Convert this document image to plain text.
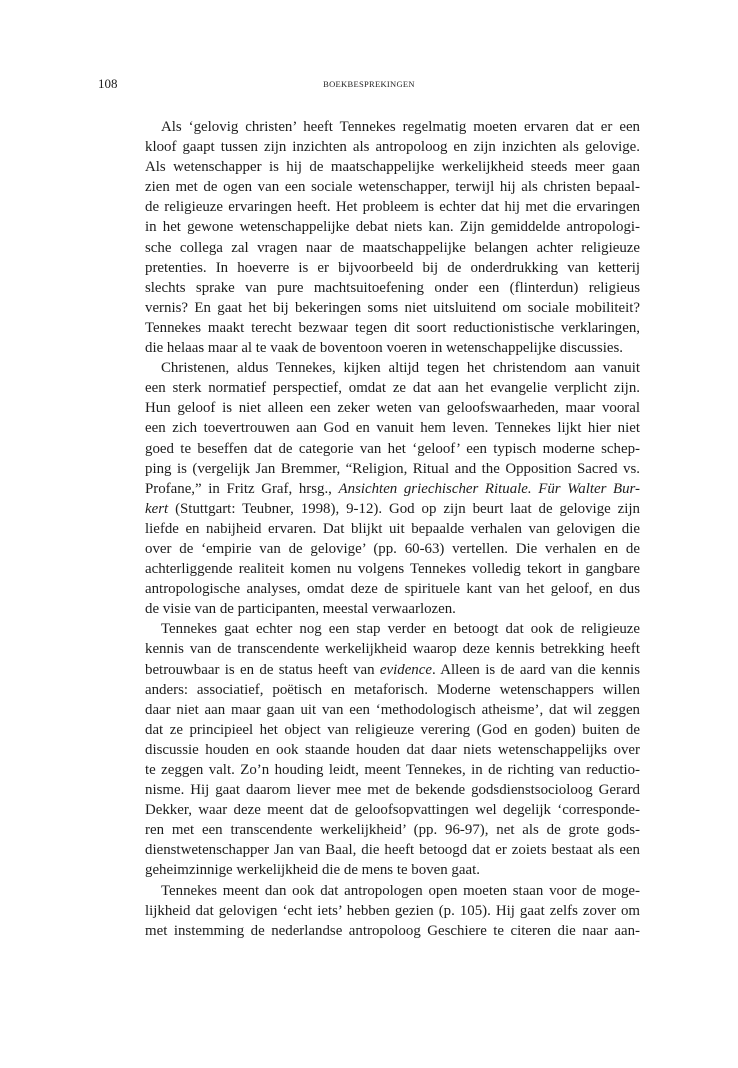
108	BOEKBESPREKINGEN
Als ‘gelovig christen’ heeft Tennekes regelmatig moeten ervaren dat er een
kloof gaapt tussen zijn inzichten als antropoloog en zijn inzichten als gelovige.
Als wetenschapper is hij de maatschappelijke werkelijkheid steeds meer gaan
zien met de ogen van een sociale wetenschapper, terwijl hij als christen bepaal-
de religieuze ervaringen heeft. Het probleem is echter dat hij met die ervaringen
in het gewone wetenschappelijke debat niets kan. Zijn gemiddelde antropologi-
sche collega zal vragen naar de maatschappelijke belangen achter religieuze
pretenties. In hoeverre is er bijvoorbeeld bij de onderdrukking van ketterij
slechts sprake van pure machtsuitoefening onder een (flinterdun) religieus
vernis? En gaat het bij bekeringen soms niet uitsluitend om sociale mobiliteit?
Tennekes maakt terecht bezwaar tegen dit soort reductionistische verklaringen,
die helaas maar al te vaak de boventoon voeren in wetenschappelijke discussies.
Christenen, aldus Tennekes, kijken altijd tegen het christendom aan vanuit
een sterk normatief perspectief, omdat ze dat aan het evangelie verplicht zijn.
Hun geloof is niet alleen een zeker weten van geloofswaarheden, maar vooral
een zich toevertrouwen aan God en vanuit hem leven. Tennekes lijkt hier niet
goed te beseffen dat de categorie van het ‘geloof’ een typisch moderne schep-
ping is (vergelijk Jan Bremmer, “Religion, Ritual and the Opposition Sacred vs.
Profane,” in Fritz Graf, hrsg., Ansichten griechischer Rituale. Für Walter Bur-
kert (Stuttgart: Teubner, 1998), 9-12). God op zijn beurt laat de gelovige zijn
liefde en nabijheid ervaren. Dat blijkt uit bepaalde verhalen van gelovigen die
over de ‘empirie van de gelovige’ (pp. 60-63) vertellen. Die verhalen en de
achterliggende realiteit komen nu volgens Tennekes volledig tekort in gangbare
antropologische analyses, omdat deze de spirituele kant van het geloof, en dus
de visie van de participanten, meestal verwaarlozen.
Tennekes gaat echter nog een stap verder en betoogt dat ook de religieuze
kennis van de transcendente werkelijkheid waarop deze kennis betrekking heeft
betrouwbaar is en de status heeft van evidence. Alleen is de aard van die kennis
anders: associatief, poëtisch en metaforisch. Moderne wetenschappers willen
daar niet aan maar gaan uit van een ‘methodologisch atheisme’, dat wil zeggen
dat ze principieel het object van religieuze verering (God en goden) buiten de
discussie houden en ook staande houden dat daar niets wetenschappelijks over
te zeggen valt. Zo’n houding leidt, meent Tennekes, in de richting van reductio-
nisme. Hij gaat daarom liever mee met de bekende godsdienstsocioloog Gerard
Dekker, waar deze meent dat de geloofsopvattingen wel degelijk ‘corresponde-
ren met een transcendente werkelijkheid’ (pp. 96-97), net als de grote gods-
dienstwetenschapper Jan van Baal, die heeft betoogd dat er zoiets bestaat als een
geheimzinnige werkelijkheid die de mens te boven gaat.
Tennekes meent dan ook dat antropologen open moeten staan voor de moge-
lijkheid dat gelovigen ‘echt iets’ hebben gezien (p. 105). Hij gaat zelfs zover om
met instemming de nederlandse antropoloog Geschiere te citeren die naar aan-
